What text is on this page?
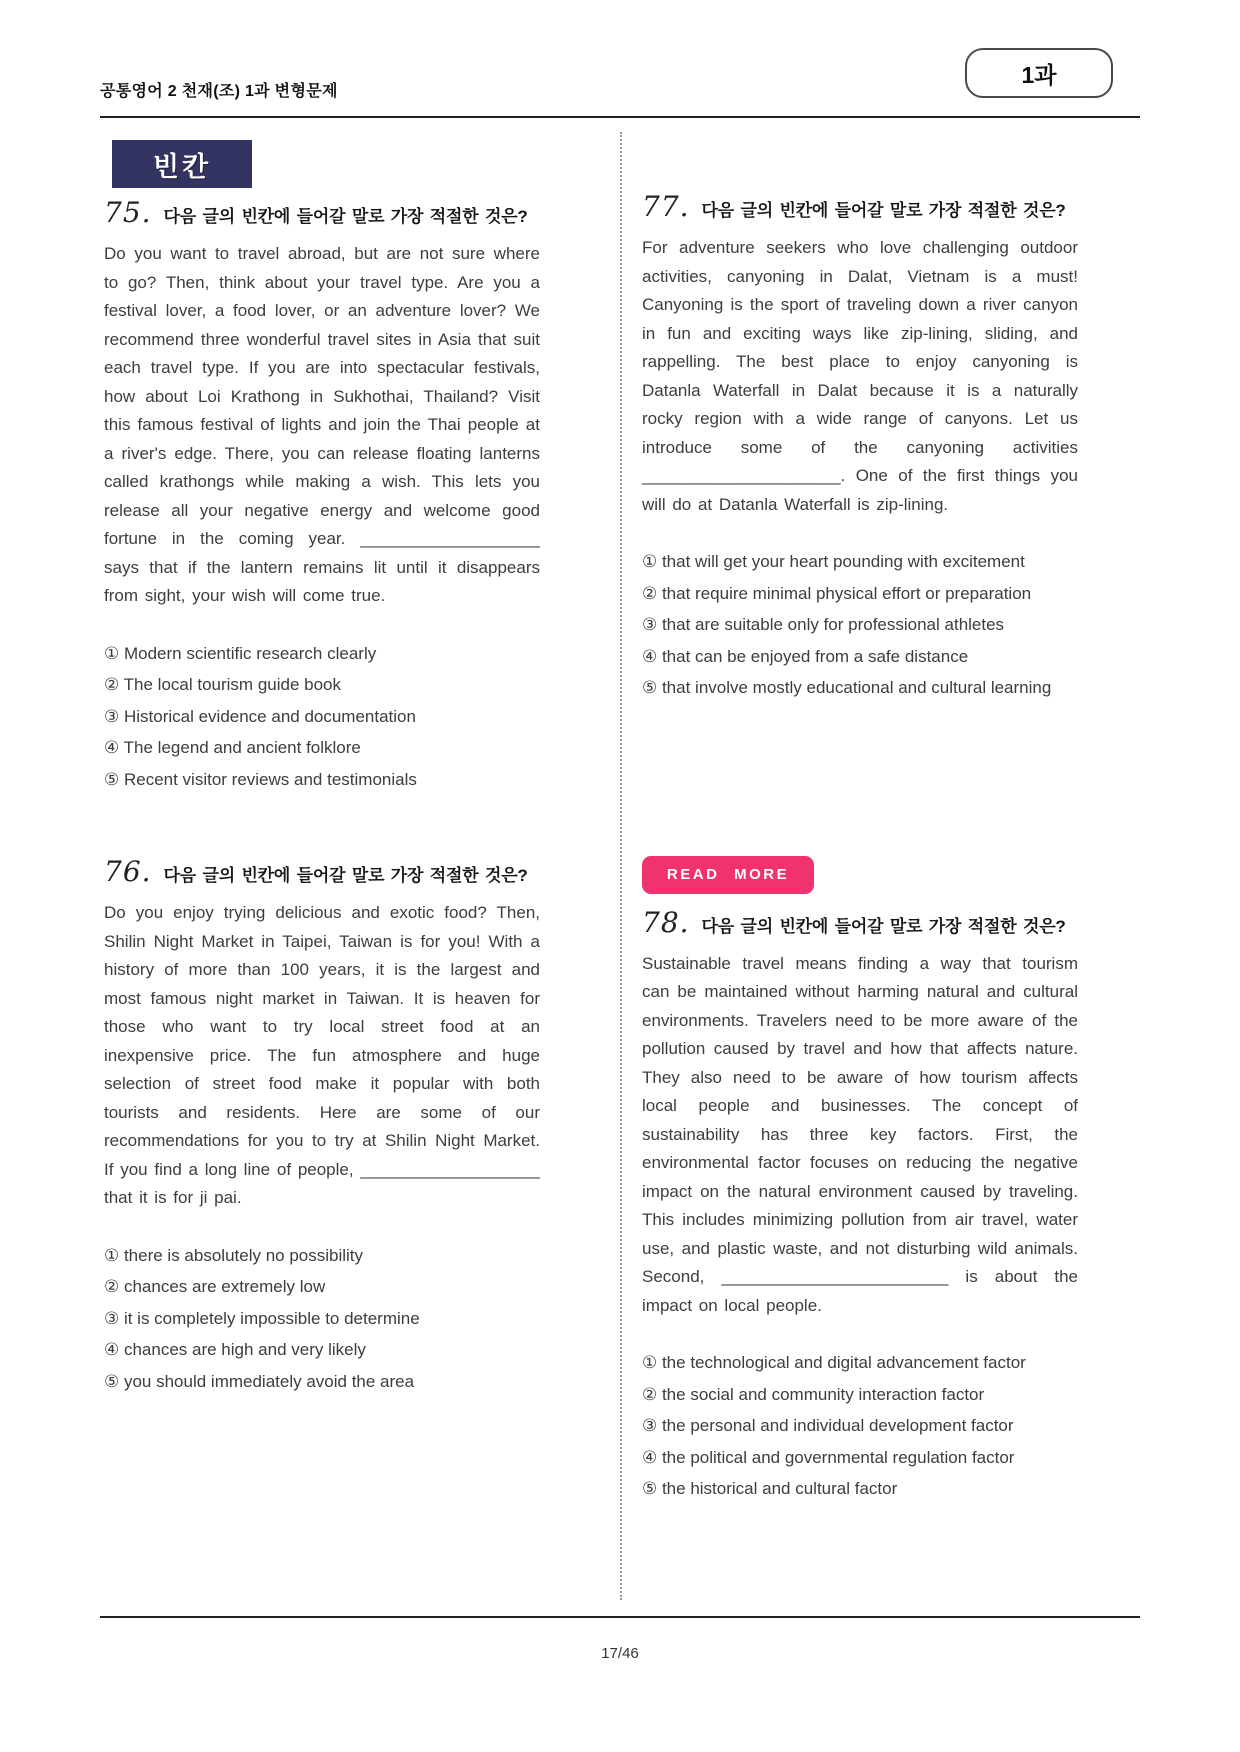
공통영어 2 천재(조) 1과 변형문제
1과
빈칸
75. 다음 글의 빈칸에 들어갈 말로 가장 적절한 것은?

Do you want to travel abroad, but are not sure where to go? Then, think about your travel type. Are you a festival lover, a food lover, or an adventure lover? We recommend three wonderful travel sites in Asia that suit each travel type. If you are into spectacular festivals, how about Loi Krathong in Sukhothai, Thailand? Visit this famous festival of lights and join the Thai people at a river's edge. There, you can release floating lanterns called krathongs while making a wish. This lets you release all your negative energy and welcome good fortune in the coming year. ___________________ says that if the lantern remains lit until it disappears from sight, your wish will come true.

① Modern scientific research clearly
② The local tourism guide book
③ Historical evidence and documentation
④ The legend and ancient folklore
⑤ Recent visitor reviews and testimonials
76. 다음 글의 빈칸에 들어갈 말로 가장 적절한 것은?

Do you enjoy trying delicious and exotic food? Then, Shilin Night Market in Taipei, Taiwan is for you! With a history of more than 100 years, it is the largest and most famous night market in Taiwan. It is heaven for those who want to try local street food at an inexpensive price. The fun atmosphere and huge selection of street food make it popular with both tourists and residents. Here are some of our recommendations for you to try at Shilin Night Market. If you find a long line of people, ___________________ that it is for ji pai.

① there is absolutely no possibility
② chances are extremely low
③ it is completely impossible to determine
④ chances are high and very likely
⑤ you should immediately avoid the area
77. 다음 글의 빈칸에 들어갈 말로 가장 적절한 것은?

For adventure seekers who love challenging outdoor activities, canyoning in Dalat, Vietnam is a must! Canyoning is the sport of traveling down a river canyon in fun and exciting ways like zip-lining, sliding, and rappelling. The best place to enjoy canyoning is Datanla Waterfall in Dalat because it is a naturally rocky region with a wide range of canyons. Let us introduce some of the canyoning activities _____________________. One of the first things you will do at Datanla Waterfall is zip-lining.

① that will get your heart pounding with excitement
② that require minimal physical effort or preparation
③ that are suitable only for professional athletes
④ that can be enjoyed from a safe distance
⑤ that involve mostly educational and cultural learning
READ MORE
78. 다음 글의 빈칸에 들어갈 말로 가장 적절한 것은?

Sustainable travel means finding a way that tourism can be maintained without harming natural and cultural environments. Travelers need to be more aware of the pollution caused by travel and how that affects nature. They also need to be aware of how tourism affects local people and businesses. The concept of sustainability has three key factors. First, the environmental factor focuses on reducing the negative impact on the natural environment caused by traveling. This includes minimizing pollution from air travel, water use, and plastic waste, and not disturbing wild animals. Second, ________________________ is about the impact on local people.

① the technological and digital advancement factor
② the social and community interaction factor
③ the personal and individual development factor
④ the political and governmental regulation factor
⑤ the historical and cultural factor
17/46
